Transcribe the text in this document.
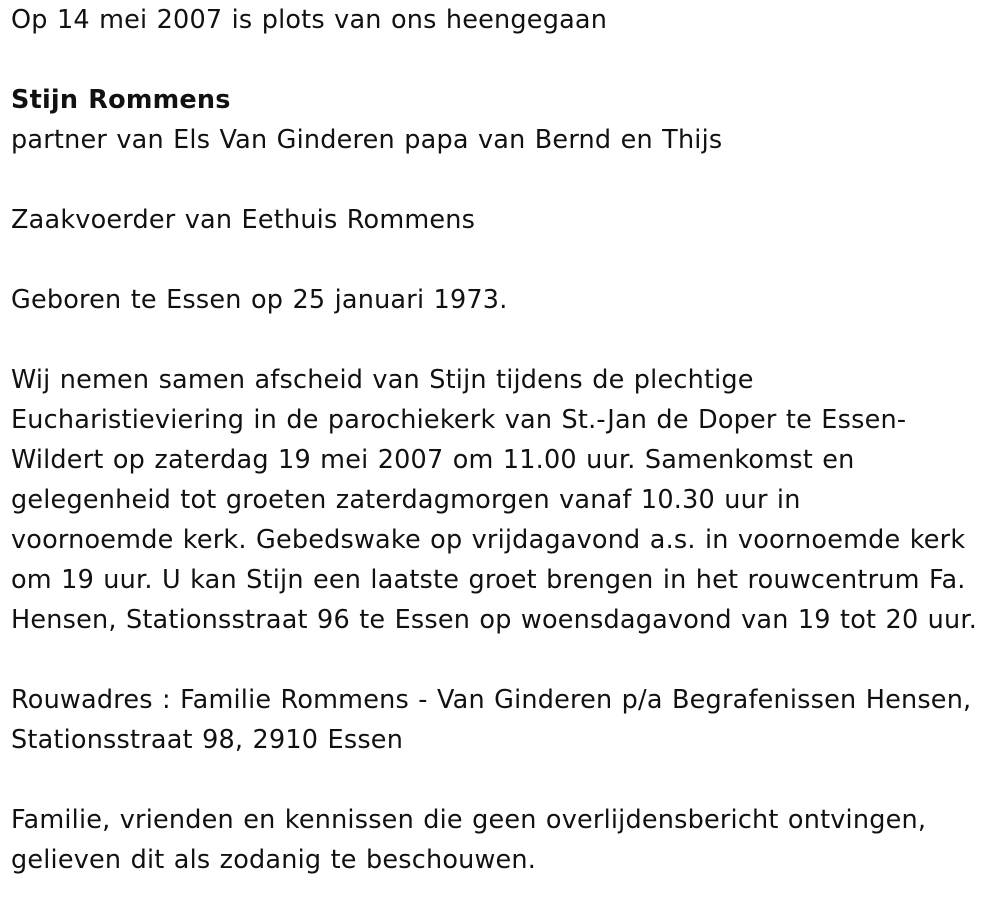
Op 14 mei 2007 is plots van ons heengegaan
Stijn Rommens
partner van Els Van Ginderen papa van Bernd en Thijs
Zaakvoerder van Eethuis Rommens
Geboren te Essen op 25 januari 1973.
Wij nemen samen afscheid van Stijn tijdens de plechtige
Eucharistieviering in de parochiekerk van St.-Jan de Doper te Essen-
Wildert op zaterdag 19 mei 2007 om 11.00 uur. Samenkomst en
gelegenheid tot groeten zaterdagmorgen vanaf 10.30 uur in
voornoemde kerk. Gebedswake op vrijdagavond a.s. in voornoemde kerk
om 19 uur. U kan Stijn een laatste groet brengen in het rouwcentrum Fa.
Hensen, Stationsstraat 96 te Essen op woensdagavond van 19 tot 20 uur.
Rouwadres : Familie Rommens - Van Ginderen p/a Begrafenissen Hensen,
Stationsstraat 98, 2910 Essen
Familie, vrienden en kennissen die geen overlijdensbericht ontvingen,
gelieven dit als zodanig te beschouwen.
